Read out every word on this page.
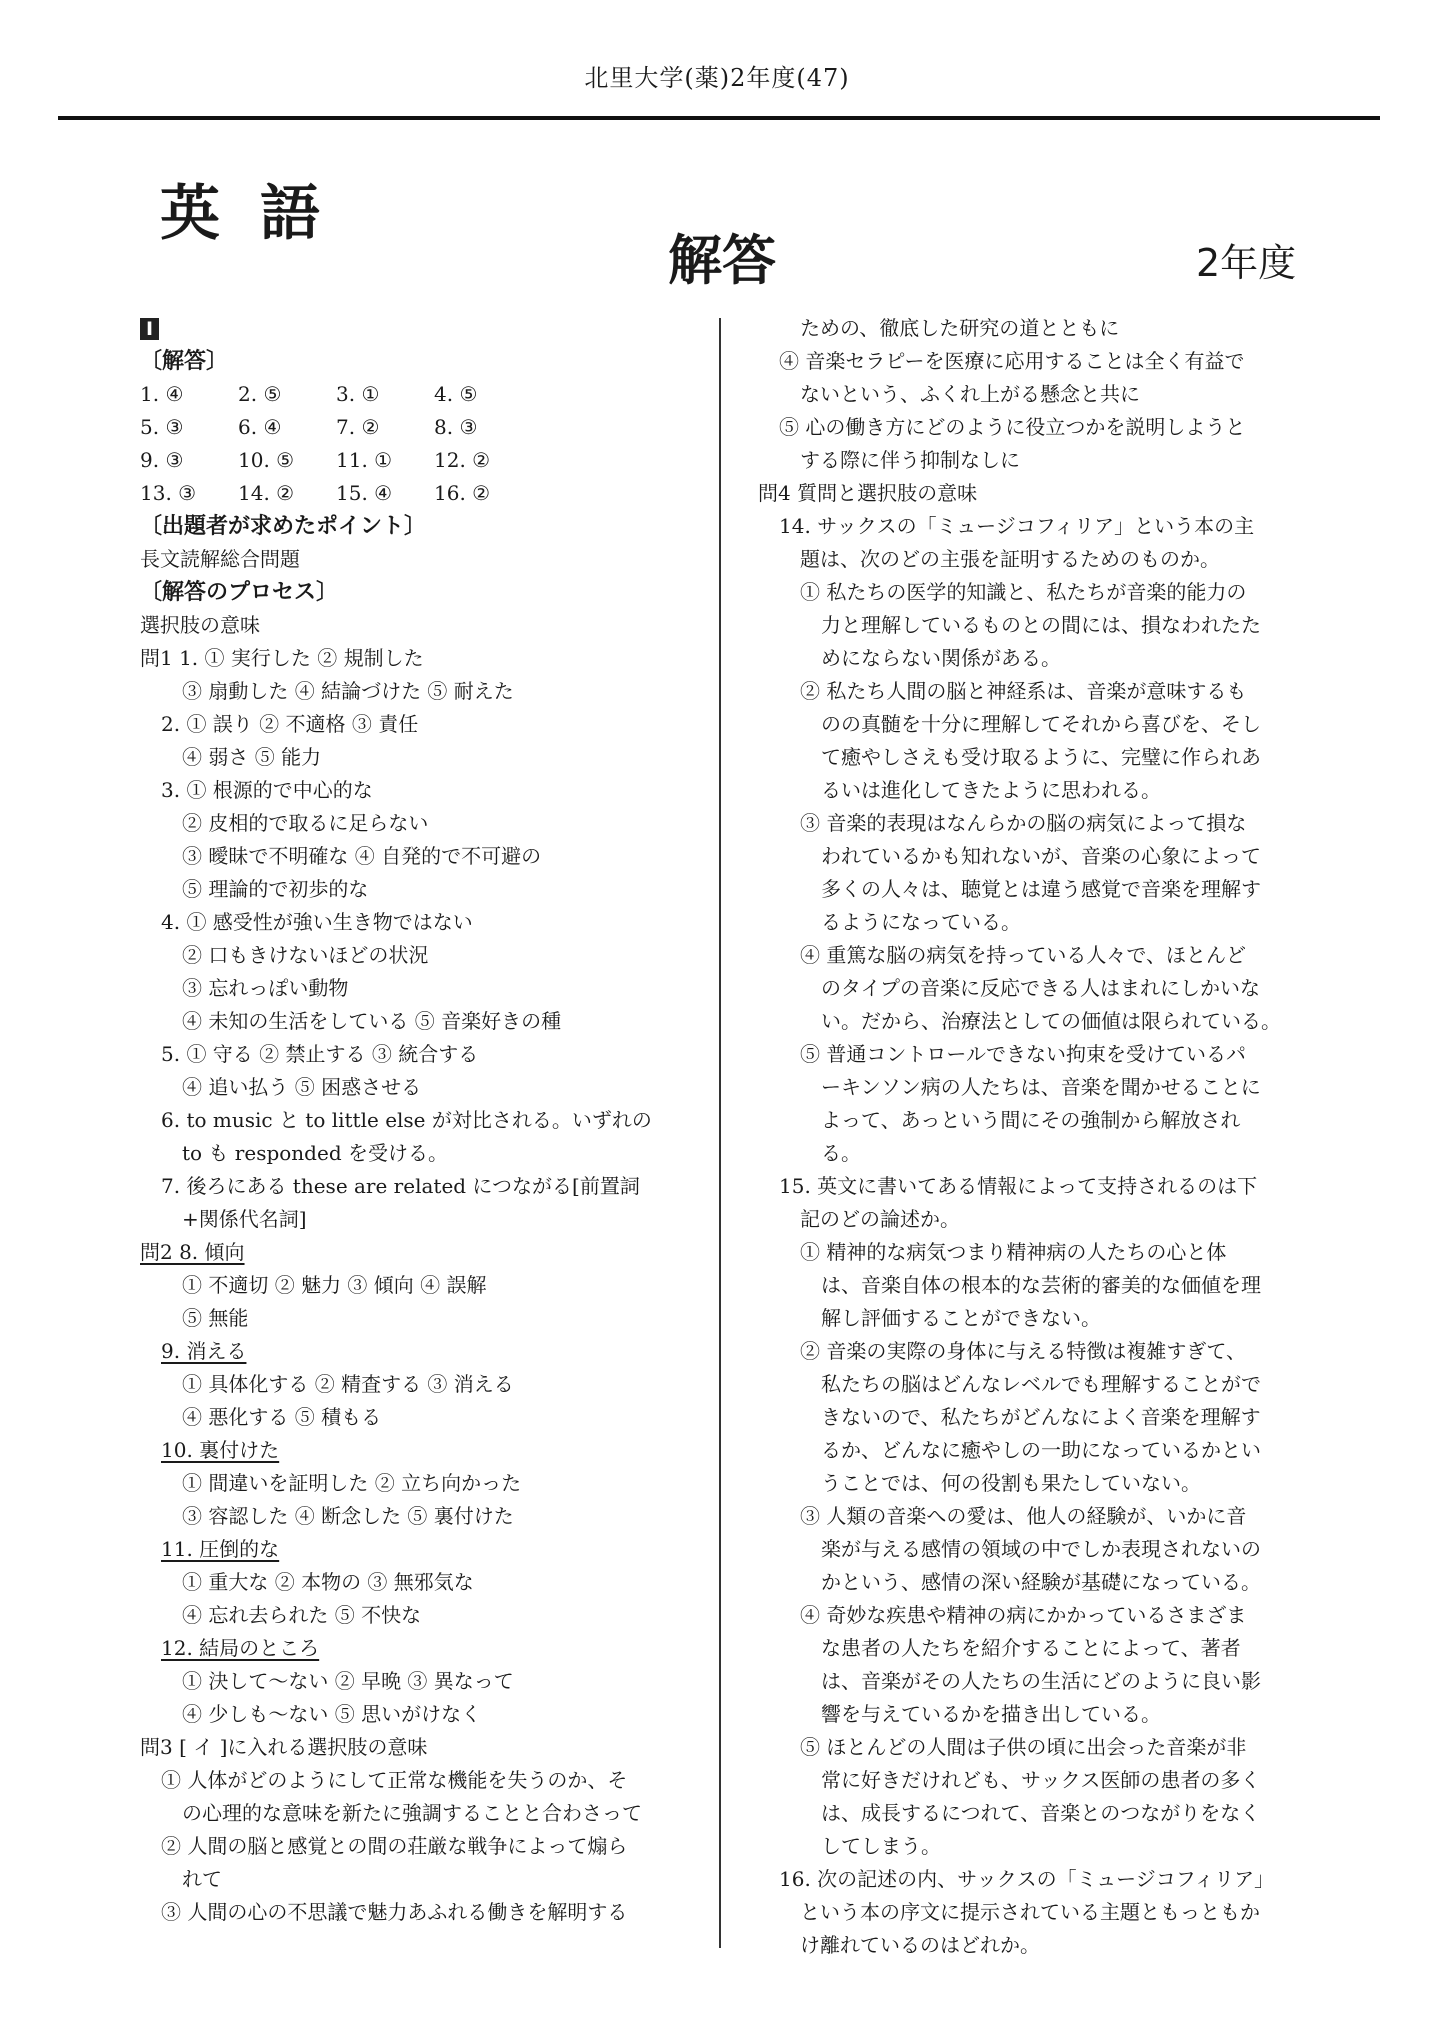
北里大学(薬)2年度(47)
英語
解答	2年度
I
〔解答〕
1. ④	2. ⑤	3. ①	4. ⑤
5. ③	6. ④	7. ②	8. ③
9. ③	10. ⑤ 11. ① 12. ②
13. ③ 14. ② 15. ④ 16. ②
〔出題者が求めたポイント〕
長文読解総合問題
〔解答のプロセス〕
選択肢の意味
問1 1. ① 実行した ② 規制した
③ 扇動した ④ 結論づけた ⑤ 耐えた
2. ① 誤り ② 不適格 ③ 責任
④ 弱さ ⑤ 能力
3. ① 根源的で中心的な
② 皮相的で取るに足らない
③ 曖昧で不明確な ④ 自発的で不可避の
⑤ 理論的で初歩的な
4. ① 感受性が強い生き物ではない
② 口もきけないほどの状況
③ 忘れっぽい動物
④ 未知の生活をしている ⑤ 音楽好きの種
5. ① 守る ② 禁止する ③ 統合する
④ 追い払う ⑤ 困惑させる
6. to music と to little else が対比される。いずれの
to も responded を受ける。
7. 後ろにある these are related につながる[前置詞
+関係代名詞]
問2 8. 傾向
① 不適切 ② 魅力 ③ 傾向 ④ 誤解
⑤ 無能
9. 消える
① 具体化する ② 精査する ③ 消える
④ 悪化する ⑤ 積もる
10. 裏付けた
① 間違いを証明した ② 立ち向かった
③ 容認した ④ 断念した ⑤ 裏付けた
11. 圧倒的な
① 重大な ② 本物の ③ 無邪気な
④ 忘れ去られた ⑤ 不快な
12. 結局のところ
① 決して〜ない ② 早晩 ③ 異なって
④ 少しも〜ない ⑤ 思いがけなく
問3 [ イ ]に入れる選択肢の意味
① 人体がどのようにして正常な機能を失うのか、そ
の心理的な意味を新たに強調することと合わさって
② 人間の脳と感覚との間の荘厳な戦争によって煽ら
れて
③ 人間の心の不思議で魅力あふれる働きを解明する
ための、徹底した研究の道とともに
④ 音楽セラピーを医療に応用することは全く有益で
ないという、ふくれ上がる懸念と共に
⑤ 心の働き方にどのように役立つかを説明しようと
する際に伴う抑制なしに
問4 質問と選択肢の意味
14. サックスの「ミュージコフィリア」という本の主
題は、次のどの主張を証明するためのものか。
① 私たちの医学的知識と、私たちが音楽的能力の
力と理解しているものとの間には、損なわれたた
めにならない関係がある。
② 私たち人間の脳と神経系は、音楽が意味するも
のの真髄を十分に理解してそれから喜びを、そし
て癒やしさえも受け取るように、完璧に作られあ
るいは進化してきたように思われる。
③ 音楽的表現はなんらかの脳の病気によって損な
われているかも知れないが、音楽の心象によって
多くの人々は、聴覚とは違う感覚で音楽を理解す
るようになっている。
④ 重篤な脳の病気を持っている人々で、ほとんど
のタイプの音楽に反応できる人はまれにしかいな
い。だから、治療法としての価値は限られている。
⑤ 普通コントロールできない拘束を受けているパ
ーキンソン病の人たちは、音楽を聞かせることに
よって、あっという間にその強制から解放され
る。
15. 英文に書いてある情報によって支持されるのは下
記のどの論述か。
① 精神的な病気つまり精神病の人たちの心と体
は、音楽自体の根本的な芸術的審美的な価値を理
解し評価することができない。
② 音楽の実際の身体に与える特徴は複雑すぎて、
私たちの脳はどんなレベルでも理解することがで
きないので、私たちがどんなによく音楽を理解す
るか、どんなに癒やしの一助になっているかとい
うことでは、何の役割も果たしていない。
③ 人類の音楽への愛は、他人の経験が、いかに音
楽が与える感情の領域の中でしか表現されないの
かという、感情の深い経験が基礎になっている。
④ 奇妙な疾患や精神の病にかかっているさまざま
な患者の人たちを紹介することによって、著者
は、音楽がその人たちの生活にどのように良い影
響を与えているかを描き出している。
⑤ ほとんどの人間は子供の頃に出会った音楽が非
常に好きだけれども、サックス医師の患者の多く
は、成長するにつれて、音楽とのつながりをなく
してしまう。
16. 次の記述の内、サックスの「ミュージコフィリア」
という本の序文に提示されている主題ともっともか
け離れているのはどれか。
